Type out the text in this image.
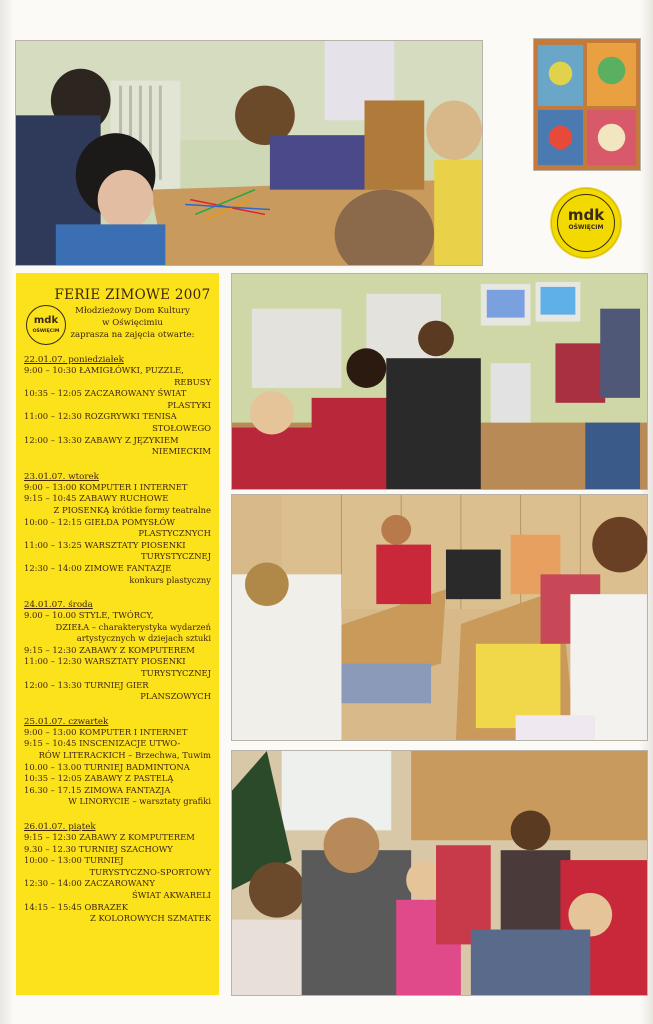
mdk
OŚWIĘCIM
mdk
OŚWIĘCIM
FERIE ZIMOWE 2007
Młodzieżowy Dom Kultury
w Oświęcimiu
zaprasza na zajęcia otwarte:
22.01.07. poniedziałek
9:00 – 10:30 ŁAMIGŁÓWKI, PUZZLE,
REBUSY
10:35 – 12:05 ZACZAROWANY ŚWIAT
PLASTYKI
11:00 – 12:30 ROZGRYWKI TENISA
STOŁOWEGO
12:00 – 13:30 ZABAWY Z JĘZYKIEM
NIEMIECKIM
23.01.07. wtorek
9:00 – 13:00 KOMPUTER I INTERNET
9:15 – 10:45 ZABAWY RUCHOWE
Z PIOSENKĄ krótkie formy teatralne
10:00 – 12:15 GIEŁDA POMYSŁÓW
PLASTYCZNYCH
11:00 – 13:25 WARSZTATY PIOSENKI
TURYSTYCZNEJ
12:30 – 14:00 ZIMOWE FANTAZJE
konkurs plastyczny
24.01.07. środa
9.00 – 10.00 STYLE, TWÓRCY,
DZIEŁA – charakterystyka wydarzeń artystycznych w dziejach sztuki
9:15 – 12:30 ZABAWY Z KOMPUTEREM
11:00 – 12:30 WARSZTATY PIOSENKI
TURYSTYCZNEJ
12:00 – 13:30 TURNIEJ GIER
PLANSZOWYCH
25.01.07. czwartek
9:00 – 13:00 KOMPUTER I INTERNET
9:15 – 10:45 INSCENIZACJE UTWO-
RÓW LITERACKICH – Brzechwa, Tuwim
10.00 – 13.00 TURNIEJ BADMINTONA
10:35 – 12:05 ZABAWY Z PASTELĄ
16.30 – 17.15 ZIMOWA FANTAZJA
W LINORYCIE – warsztaty grafiki
26.01.07. piątek
9:15 – 12:30 ZABAWY Z KOMPUTEREM
9.30 – 12.30 TURNIEJ SZACHOWY
10:00 – 13:00 TURNIEJ
TURYSTYCZNO-SPORTOWY
12:30 – 14:00 ZACZAROWANY
ŚWIAT AKWARELI
14:15 – 15:45 OBRAZEK
Z KOLOROWYCH SZMATEK
